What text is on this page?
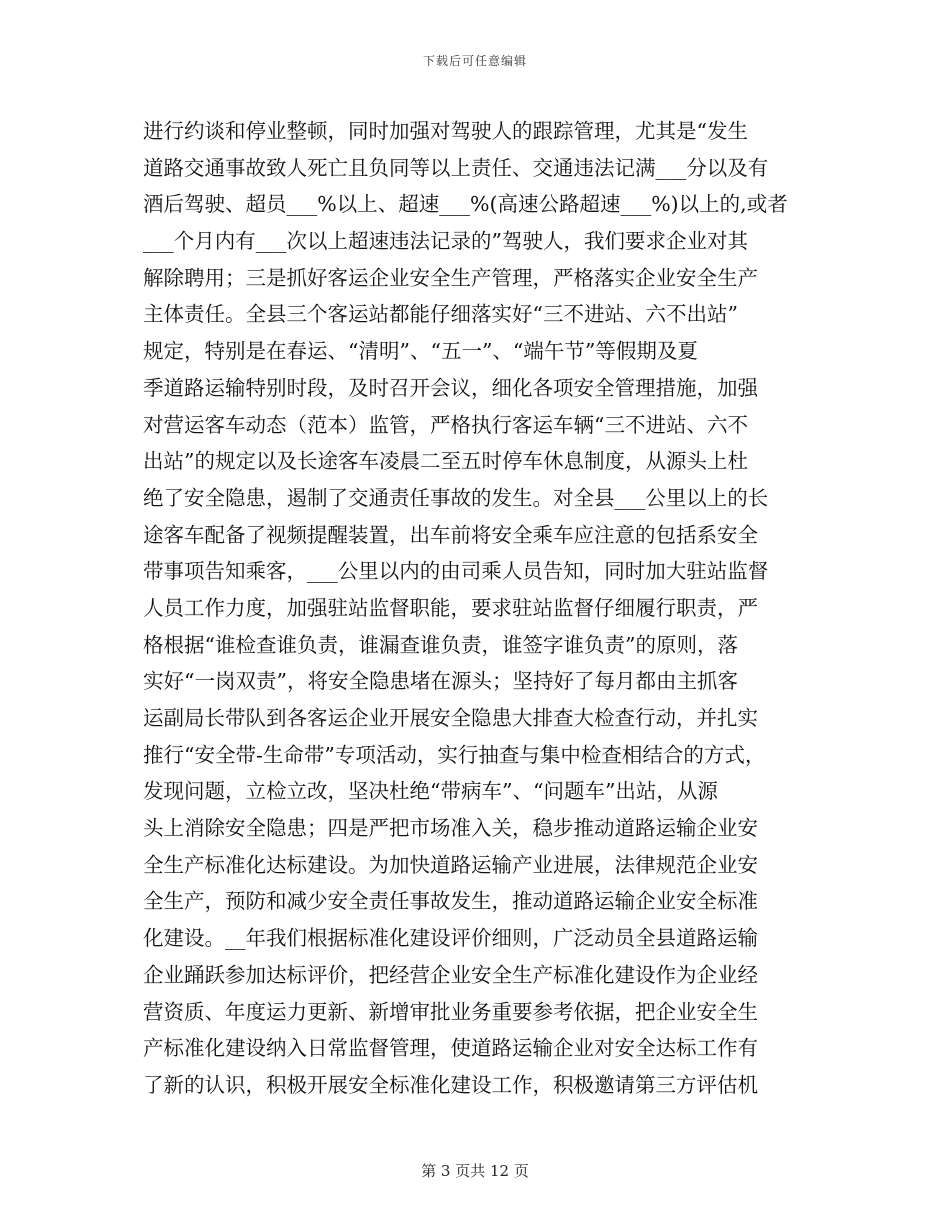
下载后可任意编辑
进行约谈和停业整顿，同时加强对驾驶人的跟踪管理，尤其是“发生
道路交通事故致人死亡且负同等以上责任、交通违法记满___分以及有
酒后驾驶、超员___%以上、超速___%(高速公路超速___%)以上的,或者
___个月内有___次以上超速违法记录的”驾驶人，我们要求企业对其
解除聘用；三是抓好客运企业安全生产管理，严格落实企业安全生产
主体责任。全县三个客运站都能仔细落实好“三不进站、六不出站”
规定，特别是在春运、“清明”、“五一”、“端午节”等假期及夏
季道路运输特别时段，及时召开会议，细化各项安全管理措施，加强
对营运客车动态（范本）监管，严格执行客运车辆“三不进站、六不
出站”的规定以及长途客车凌晨二至五时停车休息制度，从源头上杜
绝了安全隐患，遏制了交通责任事故的发生。对全县___公里以上的长
途客车配备了视频提醒装置，出车前将安全乘车应注意的包括系安全
带事项告知乘客，___公里以内的由司乘人员告知，同时加大驻站监督
人员工作力度，加强驻站监督职能，要求驻站监督仔细履行职责，严
格根据“谁检查谁负责，谁漏查谁负责，谁签字谁负责”的原则，落
实好“一岗双责”，将安全隐患堵在源头；坚持好了每月都由主抓客
运副局长带队到各客运企业开展安全隐患大排查大检查行动，并扎实
推行“安全带-生命带”专项活动，实行抽查与集中检查相结合的方式，
发现问题，立检立改，坚决杜绝“带病车”、“问题车”出站，从源
头上消除安全隐患；四是严把市场准入关，稳步推动道路运输企业安
全生产标准化达标建设。为加快道路运输产业进展，法律规范企业安
全生产，预防和减少安全责任事故发生，推动道路运输企业安全标准
化建设。__年我们根据标准化建设评价细则，广泛动员全县道路运输
企业踊跃参加达标评价，把经营企业安全生产标准化建设作为企业经
营资质、年度运力更新、新增审批业务重要参考依据，把企业安全生
产标准化建设纳入日常监督管理，使道路运输企业对安全达标工作有
了新的认识，积极开展安全标准化建设工作，积极邀请第三方评估机
第 3 页共 12 页
